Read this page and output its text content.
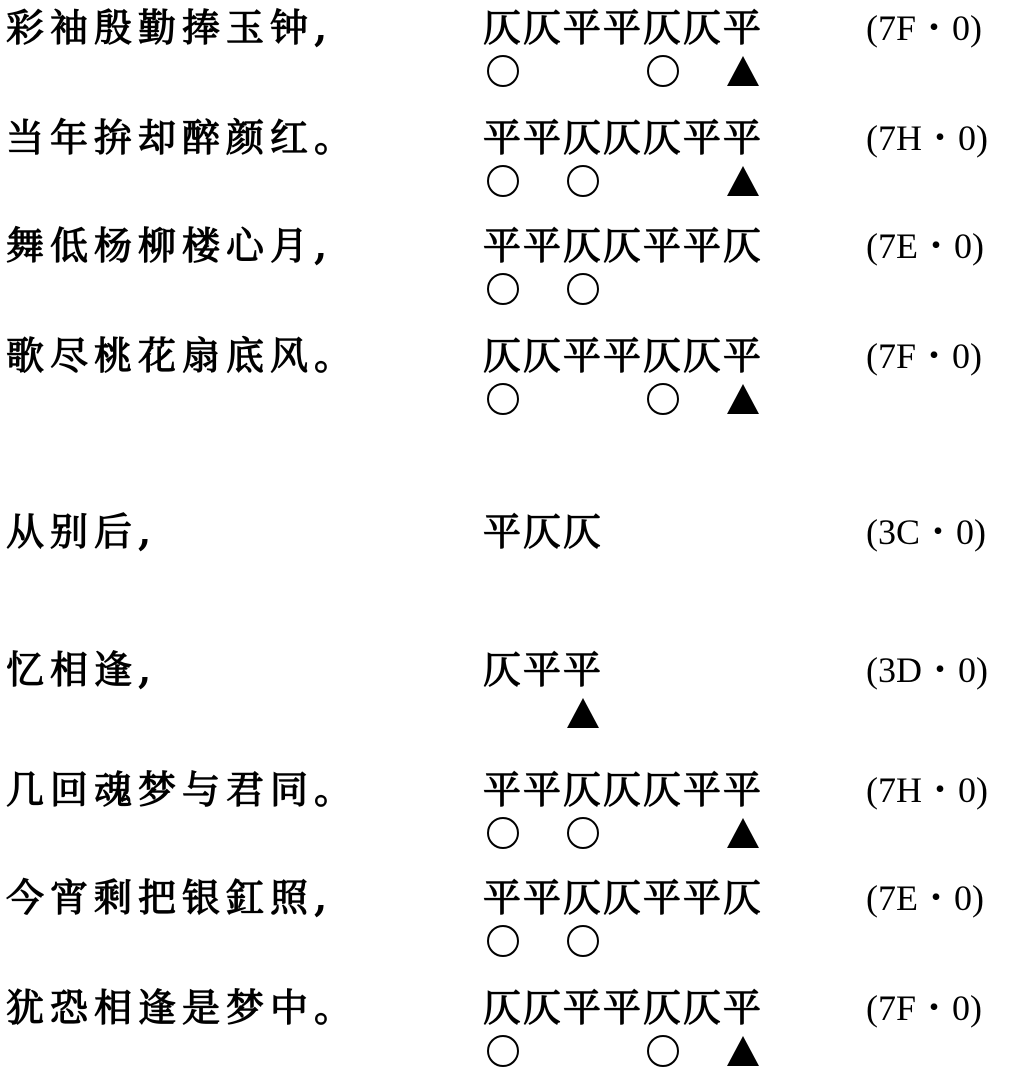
彩袖殷勤捧玉钟,	仄 仄 平 平 仄 仄 平	(7F・0)
当年拚却醉颜红。	平 平 仄 仄 仄 平 平	(7H・0)
舞低杨柳楼心月,	平 平 仄 仄 平 平 仄	(7E・0)
歌尽桃花扇底风。	仄 仄 平 平 仄 仄 平	(7F・0)
从别后,	平 仄 仄	(3C・0)
忆相逢,	仄 平 平	(3D・0)
几回魂梦与君同。	平 平 仄 仄 仄 平 平	(7H・0)
今宵剩把银釭照,	平 平 仄 仄 平 平 仄	(7E・0)
犹恐相逢是梦中。	仄 仄 平 平 仄 仄 平	(7F・0)
